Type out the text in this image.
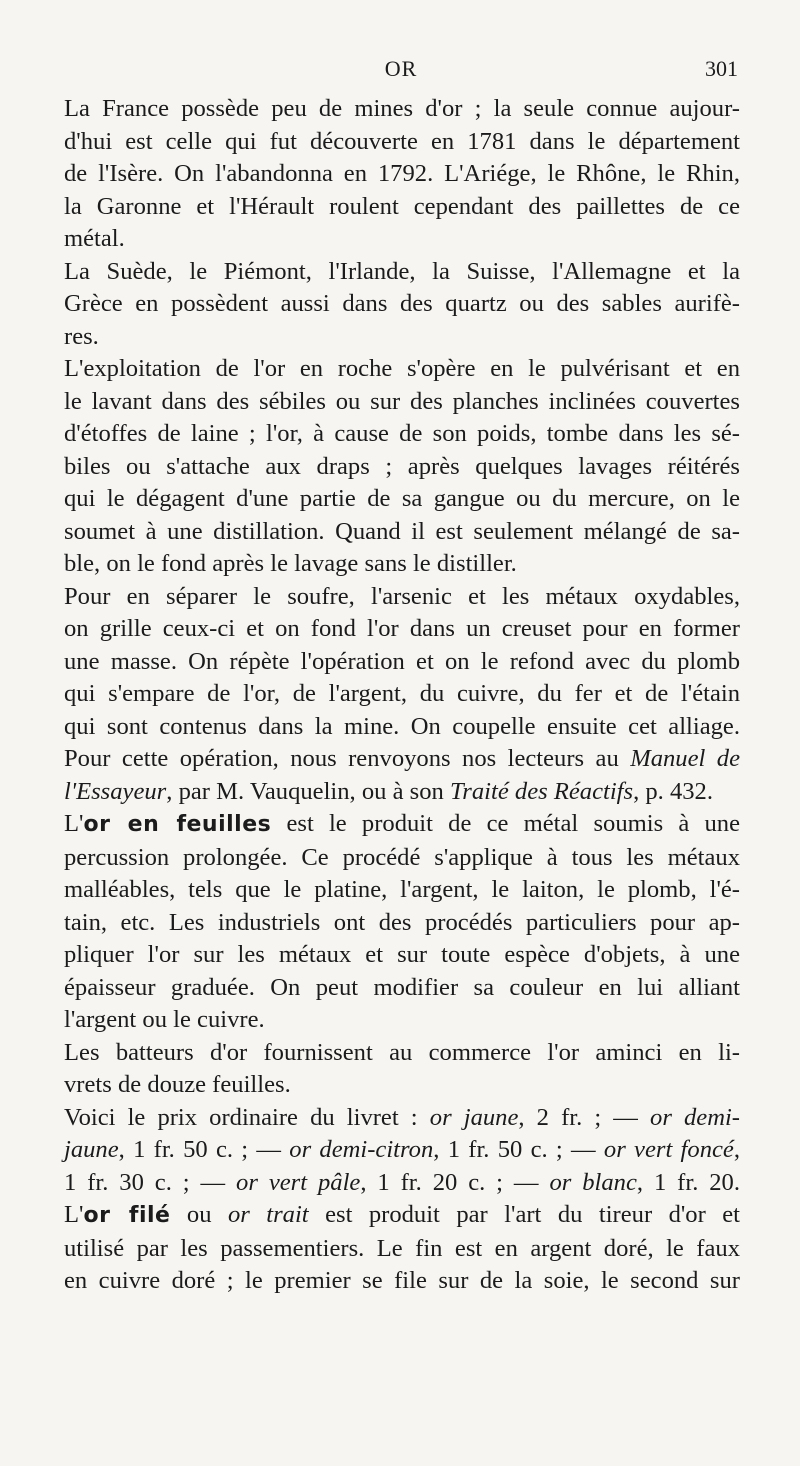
OR	301

La France possède peu de mines d'or ; la seule connue aujour-
d'hui est celle qui fut découverte en 1781 dans le département
de l'Isère. On l'abandonna en 1792. L'Ariége, le Rhône, le Rhin,
la Garonne et l'Hérault roulent cependant des paillettes de ce
métal.

La Suède, le Piémont, l'Irlande, la Suisse, l'Allemagne et la
Grèce en possèdent aussi dans des quartz ou des sables aurifè-
res.

L'exploitation de l'or en roche s'opère en le pulvérisant et en
le lavant dans des sébiles ou sur des planches inclinées couvertes
d'étoffes de laine ; l'or, à cause de son poids, tombe dans les sé-
biles ou s'attache aux draps ; après quelques lavages réitérés
qui le dégagent d'une partie de sa gangue ou du mercure, on le
soumet à une distillation. Quand il est seulement mélangé de sa-
ble, on le fond après le lavage sans le distiller.

Pour en séparer le soufre, l'arsenic et les métaux oxydables,
on grille ceux-ci et on fond l'or dans un creuset pour en former
une masse. On répète l'opération et on le refond avec du plomb
qui s'empare de l'or, de l'argent, du cuivre, du fer et de l'étain
qui sont contenus dans la mine. On coupelle ensuite cet alliage.
Pour cette opération, nous renvoyons nos lecteurs au Manuel de
l'Essayeur, par M. Vauquelin, ou à son Traité des Réactifs, p. 432.

L'or en feuilles est le produit de ce métal soumis à une
percussion prolongée. Ce procédé s'applique à tous les métaux
malléables, tels que le platine, l'argent, le laiton, le plomb, l'é-
tain, etc. Les industriels ont des procédés particuliers pour ap-
pliquer l'or sur les métaux et sur toute espèce d'objets, à une
épaisseur graduée. On peut modifier sa couleur en lui alliant
l'argent ou le cuivre.

Les batteurs d'or fournissent au commerce l'or aminci en li-
vrets de douze feuilles.

Voici le prix ordinaire du livret : or jaune, 2 fr. ; — or demi-
jaune, 1 fr. 50 c. ; — or demi-citron, 1 fr. 50 c. ; — or vert foncé,
1 fr. 30 c. ; — or vert pâle, 1 fr. 20 c. ; — or blanc, 1 fr. 20.

L'or filé ou or trait est produit par l'art du tireur d'or et
utilisé par les passementiers. Le fin est en argent doré, le faux
en cuivre doré ; le premier se file sur de la soie, le second sur
